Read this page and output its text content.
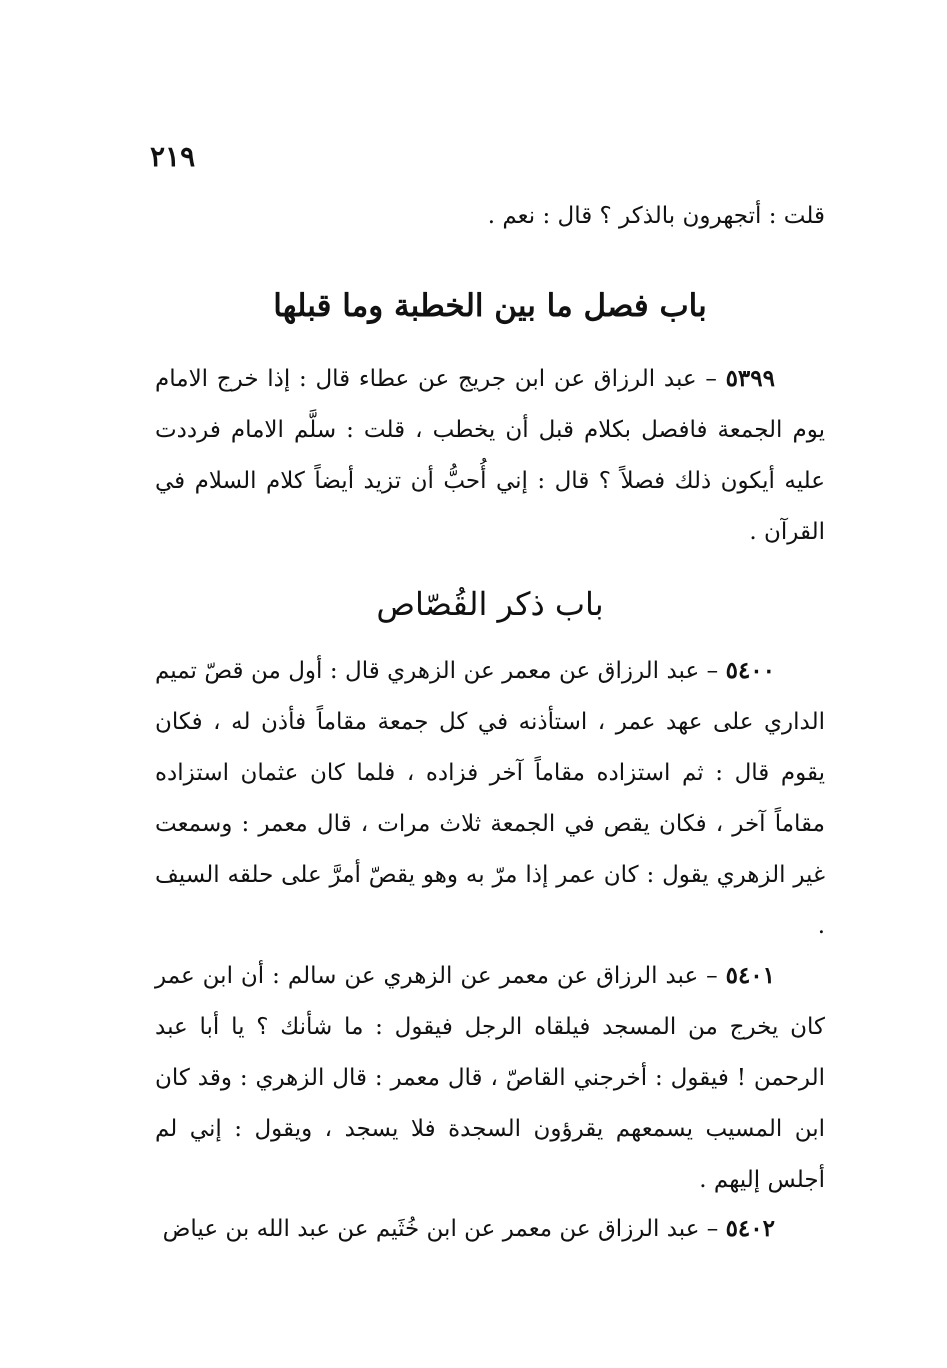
٢١٩
قلت : أتجهرون بالذكر ؟ قال : نعم .
باب فصل ما بين الخطبة وما قبلها
٥٣٩٩ – عبد الرزاق عن ابن جريج عن عطاء قال : إذا خرج الامام يوم الجمعة فافصل بكلام قبل أن يخطب ، قلت : سلَّم الامام فرددت عليه أيكون ذلك فصلاً ؟ قال : إني أُحبُّ أن تزيد أيضاً كلام السلام في القرآن .
باب ذكر القُصّاص
٥٤٠٠ – عبد الرزاق عن معمر عن الزهري قال : أول من قصّ تميم الداري على عهد عمر ، استأذنه في كل جمعة مقاماً فأذن له ، فكان يقوم قال : ثم استزاده مقاماً آخر فزاده ، فلما كان عثمان استزاده مقاماً آخر ، فكان يقص في الجمعة ثلاث مرات ، قال معمر : وسمعت غير الزهري يقول : كان عمر إذا مرّ به وهو يقصّ أمرَّ على حلقه السيف .
٥٤٠١ – عبد الرزاق عن معمر عن الزهري عن سالم : أن ابن عمر كان يخرج من المسجد فيلقاه الرجل فيقول : ما شأنك ؟ يا أبا عبد الرحمن ! فيقول : أخرجني القاصّ ، قال معمر : قال الزهري : وقد كان ابن المسيب يسمعهم يقرؤون السجدة فلا يسجد ، ويقول : إني لم أجلس إليهم .
٥٤٠٢ – عبد الرزاق عن معمر عن ابن خُثَيم عن عبد الله بن عياض
